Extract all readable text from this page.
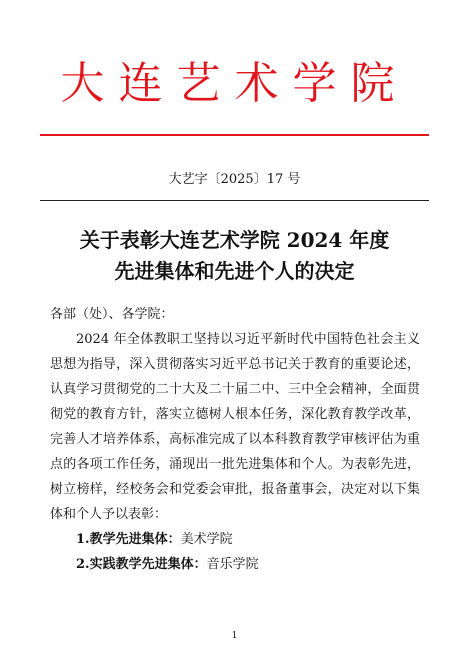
大连艺术学院
大艺字〔2025〕17 号
关于表彰大连艺术学院 2024 年度
先进集体和先进个人的决定
各部（处）、各学院：
2024 年全体教职工坚持以习近平新时代中国特色社会主义思想为指导，深入贯彻落实习近平总书记关于教育的重要论述，认真学习贯彻党的二十大及二十届二中、三中全会精神，全面贯彻党的教育方针，落实立德树人根本任务，深化教育教学改革，完善人才培养体系，高标准完成了以本科教育教学审核评估为重点的各项工作任务，涌现出一批先进集体和个人。为表彰先进，树立榜样，经校务会和党委会审批，报备董事会，决定对以下集体和个人予以表彰：
1.教学先进集体：美术学院
2.实践教学先进集体：音乐学院
1
